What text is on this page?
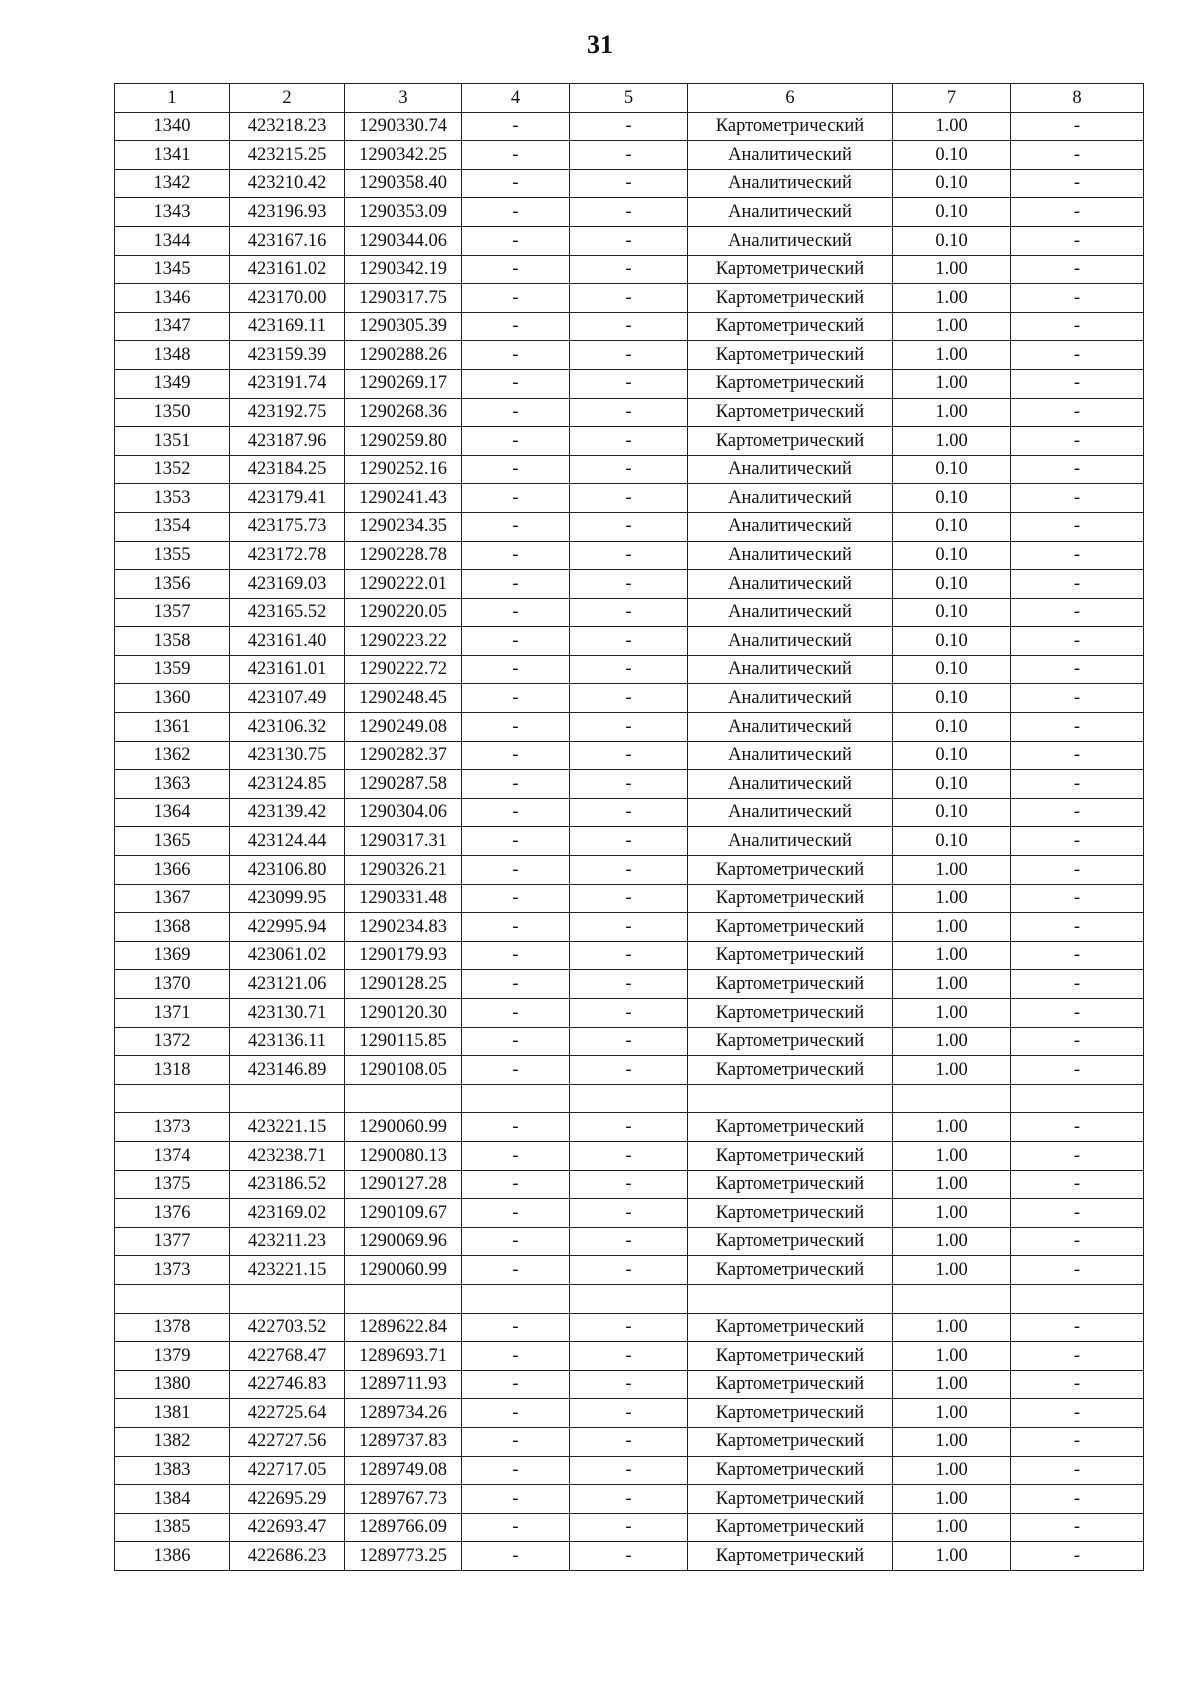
31
1	2	3	4	5	6	7	8
1340	423218.23	1290330.74	-	-	Картометрический	1.00	-
1341	423215.25	1290342.25	-	-	Аналитический	0.10	-
1342	423210.42	1290358.40	-	-	Аналитический	0.10	-
1343	423196.93	1290353.09	-	-	Аналитический	0.10	-
1344	423167.16	1290344.06	-	-	Аналитический	0.10	-
1345	423161.02	1290342.19	-	-	Картометрический	1.00	-
1346	423170.00	1290317.75	-	-	Картометрический	1.00	-
1347	423169.11	1290305.39	-	-	Картометрический	1.00	-
1348	423159.39	1290288.26	-	-	Картометрический	1.00	-
1349	423191.74	1290269.17	-	-	Картометрический	1.00	-
1350	423192.75	1290268.36	-	-	Картометрический	1.00	-
1351	423187.96	1290259.80	-	-	Картометрический	1.00	-
1352	423184.25	1290252.16	-	-	Аналитический	0.10	-
1353	423179.41	1290241.43	-	-	Аналитический	0.10	-
1354	423175.73	1290234.35	-	-	Аналитический	0.10	-
1355	423172.78	1290228.78	-	-	Аналитический	0.10	-
1356	423169.03	1290222.01	-	-	Аналитический	0.10	-
1357	423165.52	1290220.05	-	-	Аналитический	0.10	-
1358	423161.40	1290223.22	-	-	Аналитический	0.10	-
1359	423161.01	1290222.72	-	-	Аналитический	0.10	-
1360	423107.49	1290248.45	-	-	Аналитический	0.10	-
1361	423106.32	1290249.08	-	-	Аналитический	0.10	-
1362	423130.75	1290282.37	-	-	Аналитический	0.10	-
1363	423124.85	1290287.58	-	-	Аналитический	0.10	-
1364	423139.42	1290304.06	-	-	Аналитический	0.10	-
1365	423124.44	1290317.31	-	-	Аналитический	0.10	-
1366	423106.80	1290326.21	-	-	Картометрический	1.00	-
1367	423099.95	1290331.48	-	-	Картометрический	1.00	-
1368	422995.94	1290234.83	-	-	Картометрический	1.00	-
1369	423061.02	1290179.93	-	-	Картометрический	1.00	-
1370	423121.06	1290128.25	-	-	Картометрический	1.00	-
1371	423130.71	1290120.30	-	-	Картометрический	1.00	-
1372	423136.11	1290115.85	-	-	Картометрический	1.00	-
1318	423146.89	1290108.05	-	-	Картометрический	1.00	-

1373	423221.15	1290060.99	-	-	Картометрический	1.00	-
1374	423238.71	1290080.13	-	-	Картометрический	1.00	-
1375	423186.52	1290127.28	-	-	Картометрический	1.00	-
1376	423169.02	1290109.67	-	-	Картометрический	1.00	-
1377	423211.23	1290069.96	-	-	Картометрический	1.00	-
1373	423221.15	1290060.99	-	-	Картометрический	1.00	-

1378	422703.52	1289622.84	-	-	Картометрический	1.00	-
1379	422768.47	1289693.71	-	-	Картометрический	1.00	-
1380	422746.83	1289711.93	-	-	Картометрический	1.00	-
1381	422725.64	1289734.26	-	-	Картометрический	1.00	-
1382	422727.56	1289737.83	-	-	Картометрический	1.00	-
1383	422717.05	1289749.08	-	-	Картометрический	1.00	-
1384	422695.29	1289767.73	-	-	Картометрический	1.00	-
1385	422693.47	1289766.09	-	-	Картометрический	1.00	-
1386	422686.23	1289773.25	-	-	Картометрический	1.00	-
